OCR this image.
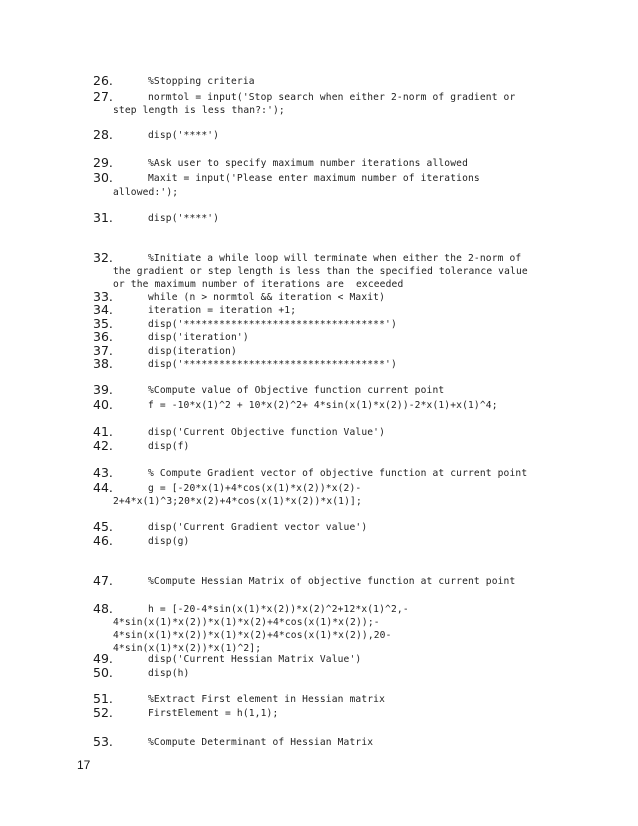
26.	%Stopping criteria
27.	normtol = input('Stop search when either 2-norm of gradient or
step length is less than?:');
28.	disp('****')
29.	%Ask user to specify maximum number iterations allowed
30.	Maxit = input('Please enter maximum number of iterations
allowed:');
31.	disp('****')
32.	%Initiate a while loop will terminate when either the 2-norm of
the gradient or step length is less than the specified tolerance value
or the maximum number of iterations are  exceeded
33.	while (n > normtol && iteration < Maxit)
34.	iteration = iteration +1;
35.	disp('**********************************')
36.	disp('iteration')
37.	disp(iteration)
38.	disp('**********************************')
39.	%Compute value of Objective function current point
40.	f = -10*x(1)^2 + 10*x(2)^2+ 4*sin(x(1)*x(2))-2*x(1)+x(1)^4;
41.	disp('Current Objective function Value')
42.	disp(f)
43.	% Compute Gradient vector of objective function at current point
44.	g = [-20*x(1)+4*cos(x(1)*x(2))*x(2)-
2+4*x(1)^3;20*x(2)+4*cos(x(1)*x(2))*x(1)];
45.	disp('Current Gradient vector value')
46.	disp(g)
47.	%Compute Hessian Matrix of objective function at current point
48.	h = [-20-4*sin(x(1)*x(2))*x(2)^2+12*x(1)^2,-
4*sin(x(1)*x(2))*x(1)*x(2)+4*cos(x(1)*x(2));-
4*sin(x(1)*x(2))*x(1)*x(2)+4*cos(x(1)*x(2)),20-
4*sin(x(1)*x(2))*x(1)^2];
49.	disp('Current Hessian Matrix Value')
50.	disp(h)
51.	%Extract First element in Hessian matrix
52.	FirstElement = h(1,1);
53.	%Compute Determinant of Hessian Matrix
17
